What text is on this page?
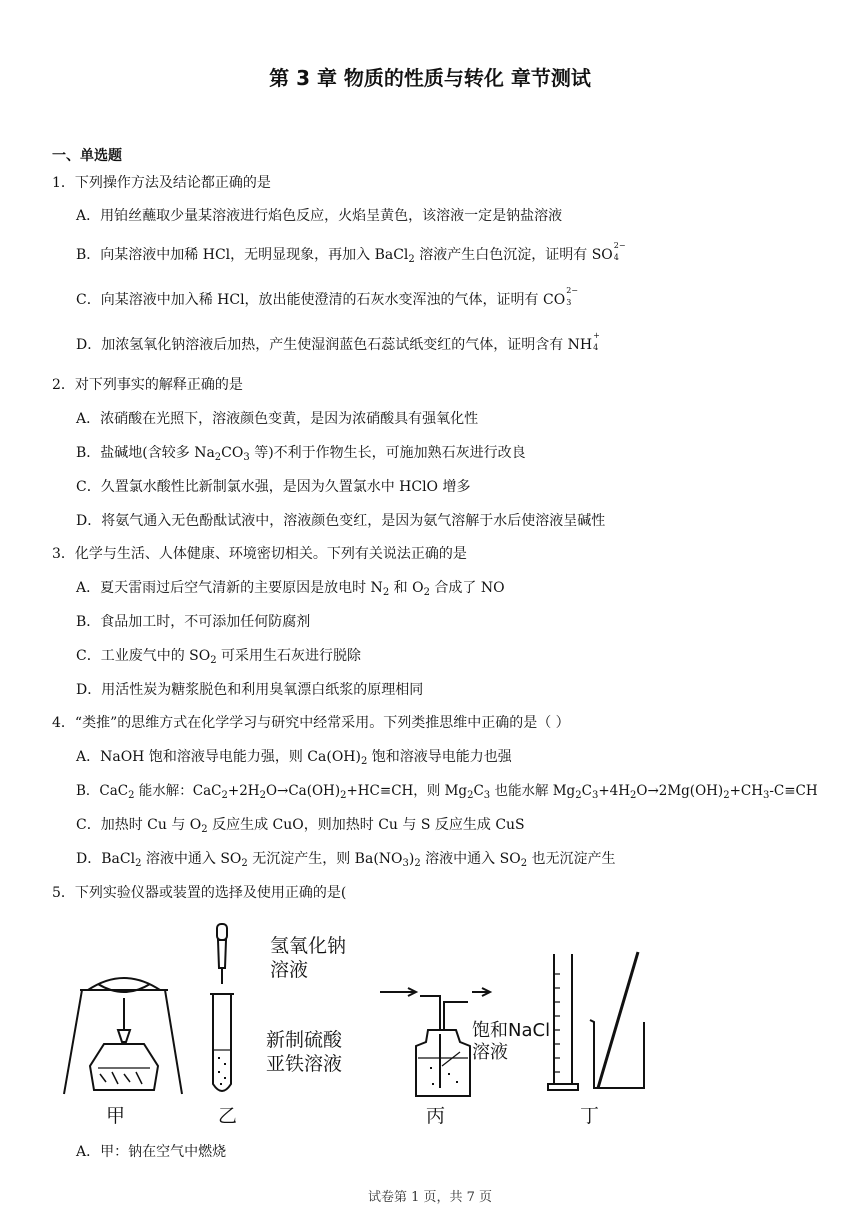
第 3 章 物质的性质与转化 章节测试
一、单选题
1．下列操作方法及结论都正确的是
A．用铂丝蘸取少量某溶液进行焰色反应，火焰呈黄色，该溶液一定是钠盐溶液
B．向某溶液中加稀 HCl，无明显现象，再加入 BaCl$_2$ 溶液产生白色沉淀，证明有 SO
2−
4
C．向某溶液中加入稀 HCl，放出能使澄清的石灰水变浑浊的气体，证明有 CO
2−
3
D．加浓氢氧化钠溶液后加热，产生使湿润蓝色石蕊试纸变红的气体，证明含有 NH
+
4
2．对下列事实的解释正确的是
A．浓硝酸在光照下，溶液颜色变黄，是因为浓硝酸具有强氧化性
B．盐碱地(含较多 $Na_2CO_3$ 等)不利于作物生长，可施加熟石灰进行改良
C．久置氯水酸性比新制氯水强，是因为久置氯水中 HClO 增多
D．将氨气通入无色酚酞试液中，溶液颜色变红，是因为氨气溶解于水后使溶液呈碱性
3．化学与生活、人体健康、环境密切相关。下列有关说法正确的是
A．夏天雷雨过后空气清新的主要原因是放电时 $N_2$ 和 $O_2$ 合成了 NO
B．食品加工时，不可添加任何防腐剂
C．工业废气中的 $SO_2$ 可采用生石灰进行脱除
D．用活性炭为糖浆脱色和利用臭氧漂白纸浆的原理相同
4．“类推”的思维方式在化学学习与研究中经常采用。下列类推思维中正确的是（ ）
A．NaOH 饱和溶液导电能力强，则 $Ca(OH)_2$ 饱和溶液导电能力也强
B．CaC$_2$ 能水解：$CaC_2+2H_2O\to Ca(OH)_2+HC\equiv CH$，则 $Mg_2C_3$ 也能水解 $Mg_2C_3+4H_2O\to 2Mg(OH)_2+CH_3-C\equiv CH$
C．加热时 Cu 与 $O_2$ 反应生成 CuO，则加热时 Cu 与 S 反应生成 CuS
D．BaCl$_2$ 溶液中通入 $SO_2$ 无沉淀产生，则 $Ba(NO_3)_2$ 溶液中通入 $SO_2$ 也无沉淀产生
5．下列实验仪器或装置的选择及使用正确的是(
氢氧化钠
溶液
新制硫酸
亚铁溶液
饱和NaCl
溶液
甲	乙	丙	丁
A．甲：钠在空气中燃烧
试卷第 1 页，共 7 页
